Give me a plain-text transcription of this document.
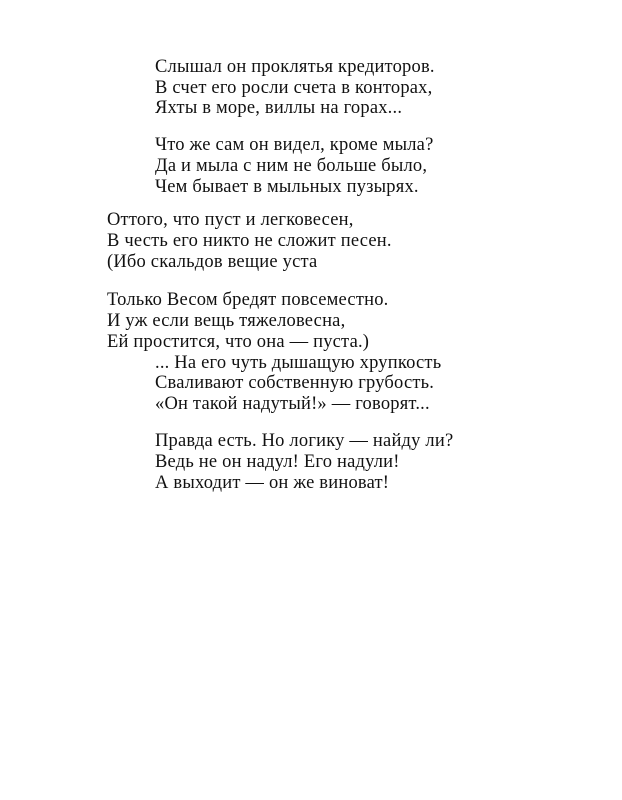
Слышал он проклятья кредиторов.
В счет его росли счета в конторах,
Яхты в море, виллы на горах...
Что же сам он видел, кроме мыла?
Да и мыла с ним не больше было,
Чем бывает в мыльных пузырях.
Оттого, что пуст и легковесен,
В честь его никто не сложит песен.
(Ибо скальдов вещие уста
Только Весом бредят повсеместно.
И уж если вещь тяжеловесна,
Ей простится, что она — пуста.)
... На его чуть дышащую хрупкость
Сваливают собственную грубость.
«Он такой надутый!» — говорят...
Правда есть. Но логику — найду ли?
Ведь не он надул! Его надули!
А выходит — он же виноват!
